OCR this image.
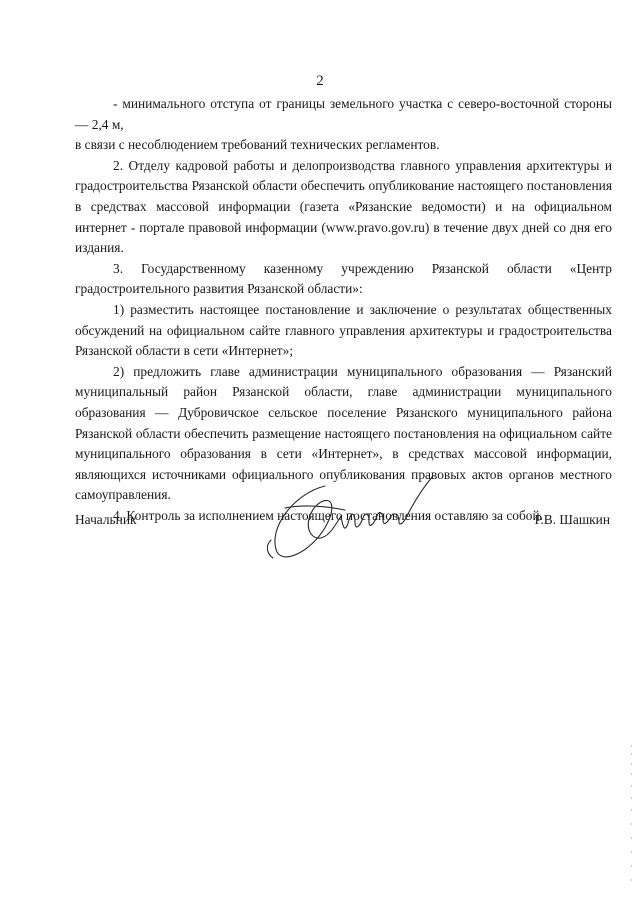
2

- минимального отступа от границы земельного участка с северо-восточной стороны — 2,4 м,

в связи с несоблюдением требований технических регламентов.

2. Отделу кадровой работы и делопроизводства главного управления архитектуры и градостроительства Рязанской области обеспечить опубликование настоящего постановления в средствах массовой информации (газета «Рязанские ведомости) и на официальном интернет - портале правовой информации (www.pravo.gov.ru) в течение двух дней со дня его издания.

3. Государственному казенному учреждению Рязанской области «Центр градостроительного развития Рязанской области»:

1) разместить настоящее постановление и заключение о результатах общественных обсуждений на официальном сайте главного управления архитектуры и градостроительства Рязанской области в сети «Интернет»;

2) предложить главе администрации муниципального образования — Рязанский муниципальный район Рязанской области, главе администрации муниципального образования — Дубровичское сельское поселение Рязанского муниципального района Рязанской области обеспечить размещение настоящего постановления на официальном сайте муниципального образования в сети «Интернет», в средствах массовой информации, являющихся источниками официального опубликования правовых актов органов местного самоуправления.

4. Контроль за исполнением настоящего постановления оставляю за собой.

Начальник	Р.В. Шашкин
